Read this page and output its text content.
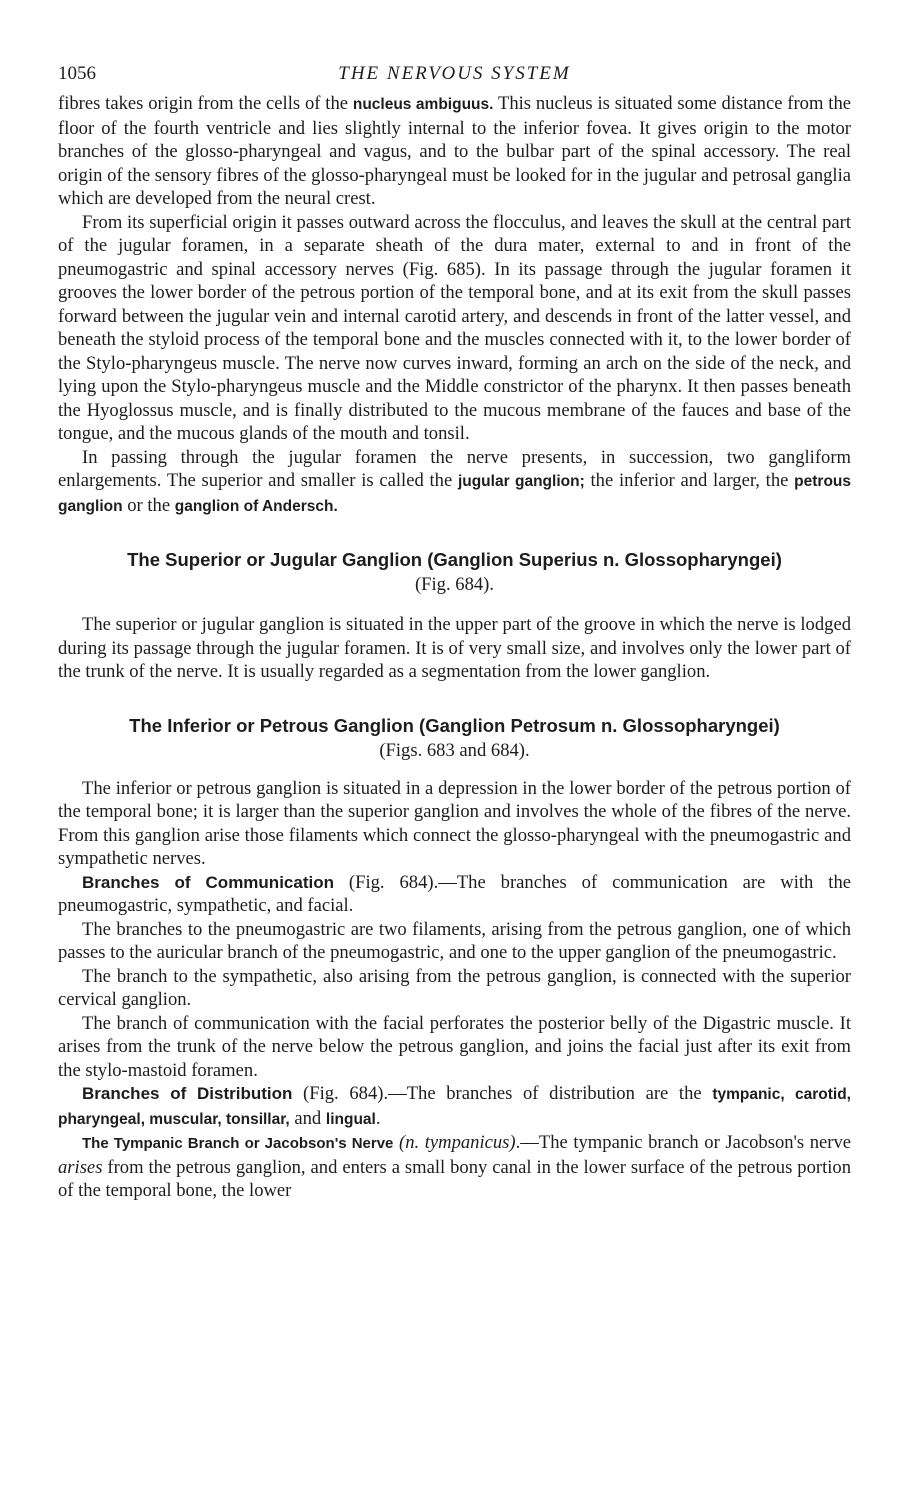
1056	THE NERVOUS SYSTEM

fibres takes origin from the cells of the nucleus ambiguus. This nucleus is situated some distance from the floor of the fourth ventricle and lies slightly internal to the inferior fovea. It gives origin to the motor branches of the glosso-pharyngeal and vagus, and to the bulbar part of the spinal accessory. The real origin of the sensory fibres of the glosso-pharyngeal must be looked for in the jugular and petrosal ganglia which are developed from the neural crest.

From its superficial origin it passes outward across the flocculus, and leaves the skull at the central part of the jugular foramen, in a separate sheath of the dura mater, external to and in front of the pneumogastric and spinal accessory nerves (Fig. 685). In its passage through the jugular foramen it grooves the lower border of the petrous portion of the temporal bone, and at its exit from the skull passes forward between the jugular vein and internal carotid artery, and descends in front of the latter vessel, and beneath the styloid process of the temporal bone and the muscles connected with it, to the lower border of the Stylo-pharyngeus muscle. The nerve now curves inward, forming an arch on the side of the neck, and lying upon the Stylo-pharyngeus muscle and the Middle constrictor of the pharynx. It then passes beneath the Hyoglossus muscle, and is finally distributed to the mucous membrane of the fauces and base of the tongue, and the mucous glands of the mouth and tonsil.

In passing through the jugular foramen the nerve presents, in succession, two gangliform enlargements. The superior and smaller is called the jugular ganglion; the inferior and larger, the petrous ganglion or the ganglion of Andersch.

The Superior or Jugular Ganglion (Ganglion Superius n. Glossopharyngei)
(Fig. 684).

The superior or jugular ganglion is situated in the upper part of the groove in which the nerve is lodged during its passage through the jugular foramen. It is of very small size, and involves only the lower part of the trunk of the nerve. It is usually regarded as a segmentation from the lower ganglion.

The Inferior or Petrous Ganglion (Ganglion Petrosum n. Glossopharyngei)
(Figs. 683 and 684).

The inferior or petrous ganglion is situated in a depression in the lower border of the petrous portion of the temporal bone; it is larger than the superior ganglion and involves the whole of the fibres of the nerve. From this ganglion arise those filaments which connect the glosso-pharyngeal with the pneumogastric and sympathetic nerves.

Branches of Communication (Fig. 684).—The branches of communication are with the pneumogastric, sympathetic, and facial.

The branches to the pneumogastric are two filaments, arising from the petrous ganglion, one of which passes to the auricular branch of the pneumogastric, and one to the upper ganglion of the pneumogastric.

The branch to the sympathetic, also arising from the petrous ganglion, is connected with the superior cervical ganglion.

The branch of communication with the facial perforates the posterior belly of the Digastric muscle. It arises from the trunk of the nerve below the petrous ganglion, and joins the facial just after its exit from the stylo-mastoid foramen.

Branches of Distribution (Fig. 684).—The branches of distribution are the tympanic, carotid, pharyngeal, muscular, tonsillar, and lingual.

The Tympanic Branch or Jacobson's Nerve (n. tympanicus).—The tympanic branch or Jacobson's nerve arises from the petrous ganglion, and enters a small bony canal in the lower surface of the petrous portion of the temporal bone, the lower
